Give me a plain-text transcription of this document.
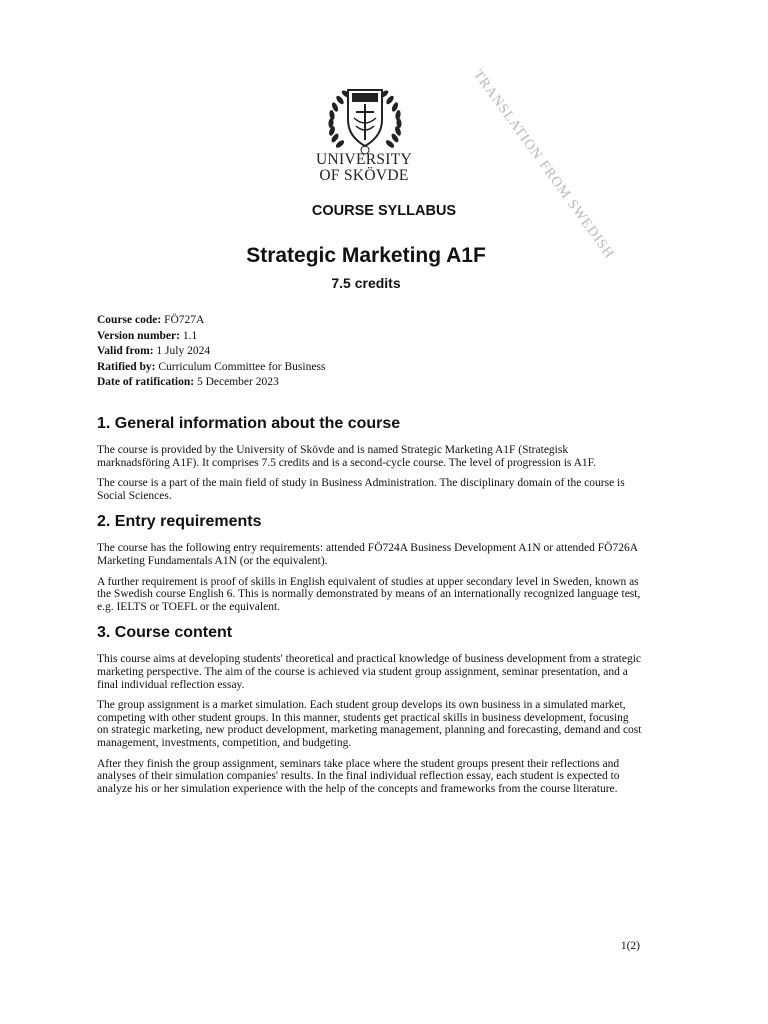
UNIVERSITY
OF SKÖVDE	TRANSLATION FROM SWEDISH
COURSE SYLLABUS
Strategic Marketing A1F
7.5 credits
Course code: FÖ727A
Version number: 1.1
Valid from: 1 July 2024
Ratified by: Curriculum Committee for Business
Date of ratification: 5 December 2023
1. General information about the course

The course is provided by the University of Skövde and is named Strategic Marketing A1F (Strategisk marknadsföring A1F). It comprises 7.5 credits and is a second-cycle course. The level of progression is A1F.

The course is a part of the main field of study in Business Administration. The disciplinary domain of the course is Social Sciences.

2. Entry requirements

The course has the following entry requirements: attended FÖ724A Business Development A1N or attended FÖ726A Marketing Fundamentals A1N (or the equivalent).

A further requirement is proof of skills in English equivalent of studies at upper secondary level in Sweden, known as the Swedish course English 6. This is normally demonstrated by means of an internationally recognized language test, e.g. IELTS or TOEFL or the equivalent.

3. Course content

This course aims at developing students' theoretical and practical knowledge of business development from a strategic marketing perspective. The aim of the course is achieved via student group assignment, seminar presentation, and a final individual reflection essay.

The group assignment is a market simulation. Each student group develops its own business in a simulated market, competing with other student groups. In this manner, students get practical skills in business development, focusing on strategic marketing, new product development, marketing management, planning and forecasting, demand and cost management, investments, competition, and budgeting.

After they finish the group assignment, seminars take place where the student groups present their reflections and analyses of their simulation companies' results. In the final individual reflection essay, each student is expected to analyze his or her simulation experience with the help of the concepts and frameworks from the course literature.

1(2)
